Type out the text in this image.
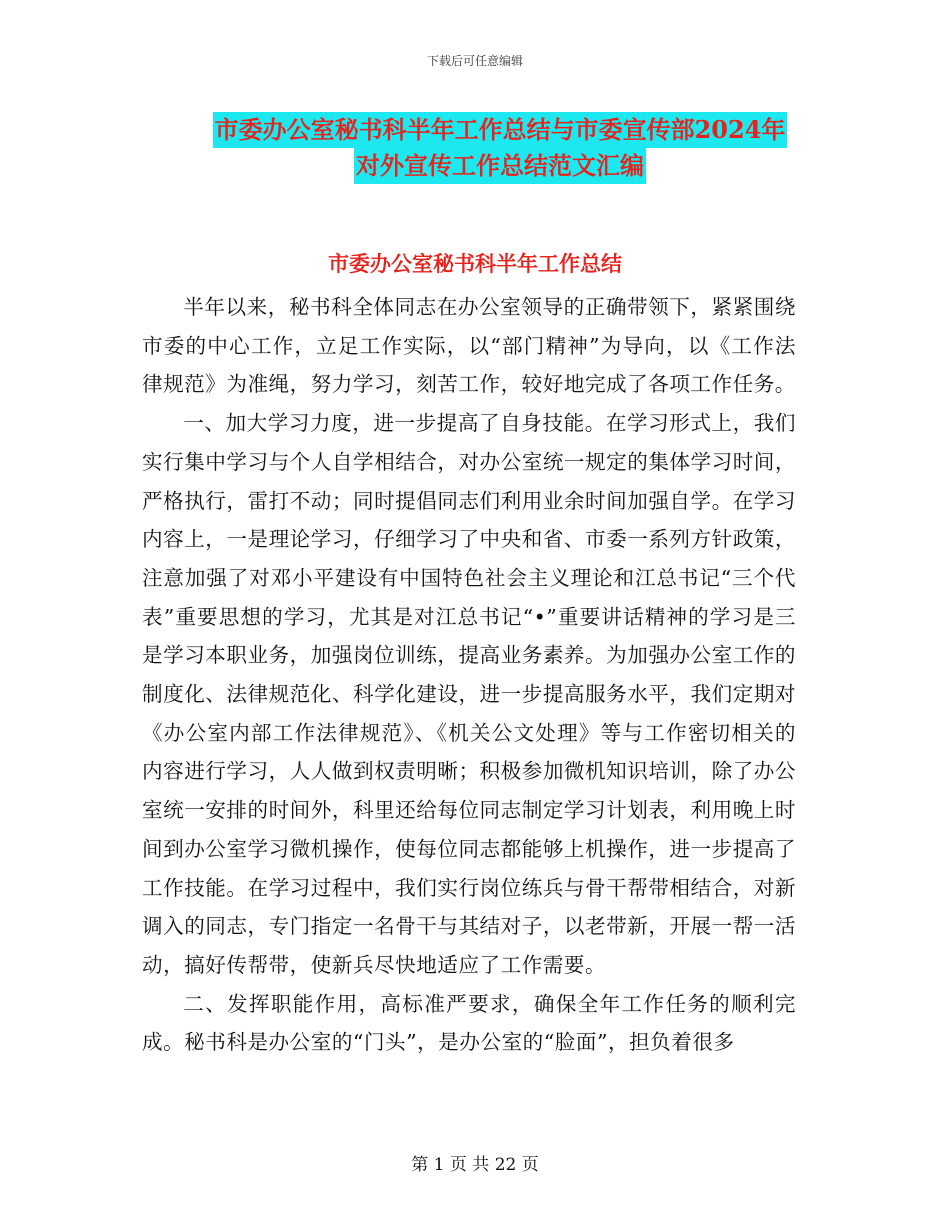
下载后可任意编辑
市委办公室秘书科半年工作总结与市委宣传部2024年
对外宣传工作总结范文汇编
市委办公室秘书科半年工作总结

半年以来，秘书科全体同志在办公室领导的正确带领下，紧紧围绕市委的中心工作，立足工作实际，以“部门精神”为导向，以《工作法律规范》为准绳，努力学习，刻苦工作，较好地完成了各项工作任务。

一、加大学习力度，进一步提高了自身技能。在学习形式上，我们实行集中学习与个人自学相结合，对办公室统一规定的集体学习时间，严格执行，雷打不动；同时提倡同志们利用业余时间加强自学。在学习内容上，一是理论学习，仔细学习了中央和省、市委一系列方针政策，注意加强了对邓小平建设有中国特色社会主义理论和江总书记“三个代表”重要思想的学习，尤其是对江总书记“•”重要讲话精神的学习是三是学习本职业务，加强岗位训练，提高业务素养。为加强办公室工作的制度化、法律规范化、科学化建设，进一步提高服务水平，我们定期对《办公室内部工作法律规范》、《机关公文处理》等与工作密切相关的内容进行学习，人人做到权责明晰；积极参加微机知识培训，除了办公室统一安排的时间外，科里还给每位同志制定学习计划表，利用晚上时间到办公室学习微机操作，使每位同志都能够上机操作，进一步提高了工作技能。在学习过程中，我们实行岗位练兵与骨干帮带相结合，对新调入的同志，专门指定一名骨干与其结对子，以老带新，开展一帮一活动，搞好传帮带，使新兵尽快地适应了工作需要。

二、发挥职能作用，高标准严要求，确保全年工作任务的顺利完成。秘书科是办公室的“门头”，是办公室的“脸面”，担负着很多

第 1 页 共 22 页
